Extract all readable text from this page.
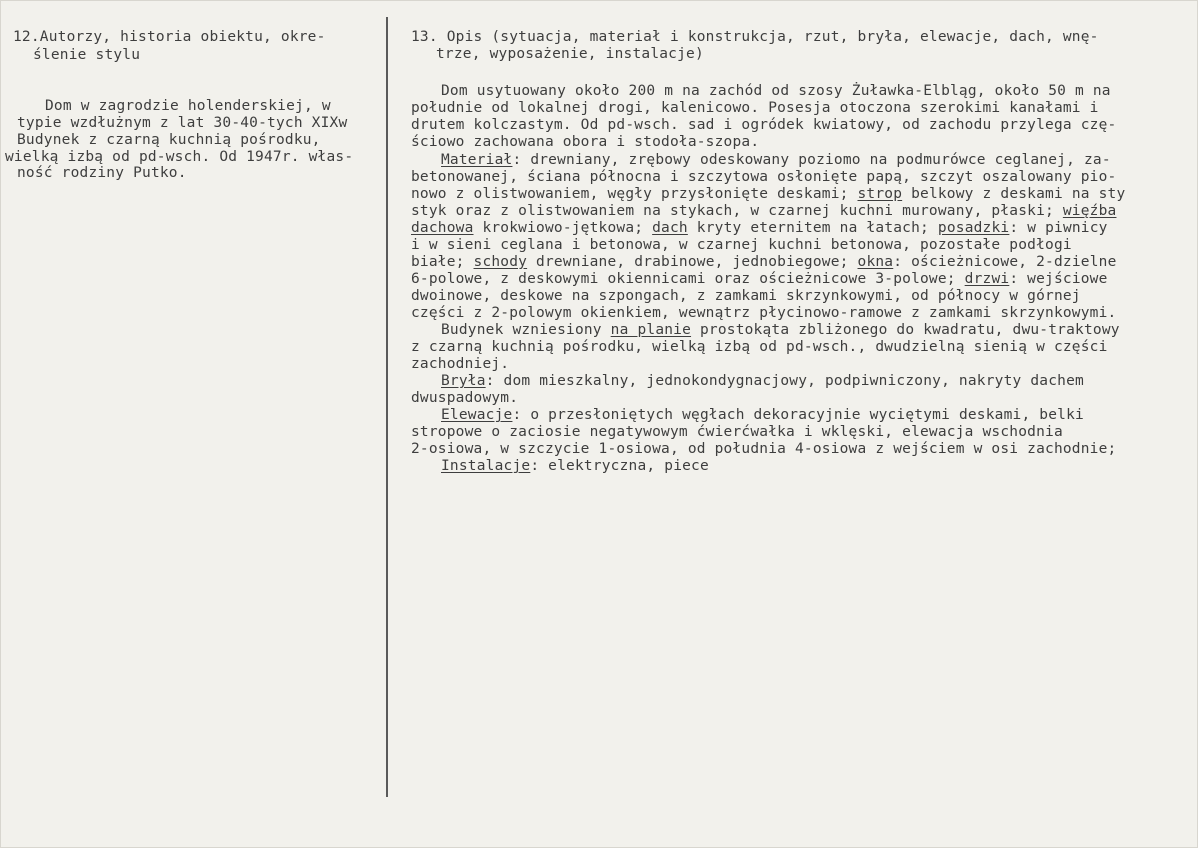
12.Autorzy, historia obiektu, okre-
ślenie stylu
Dom w zagrodzie holenderskiej, w
typie wzdłużnym z lat 30-40-tych XIXw
Budynek z czarną kuchnią pośrodku,
wielką izbą od pd-wsch. Od 1947r. włas-
ność rodziny Putko.
13. Opis (sytuacja, materiał i konstrukcja, rzut, bryła, elewacje, dach, wnę-
trze, wyposażenie, instalacje)
Dom usytuowany około 200 m na zachód od szosy Żuławka-Elbląg, około 50 m na
południe od lokalnej drogi, kalenicowo. Posesja otoczona szerokimi kanałami i
drutem kolczastym. Od pd-wsch. sad i ogródek kwiatowy, od zachodu przylega czę-
ściowo zachowana obora i stodoła-szopa.
Materiał: drewniany, zrębowy odeskowany poziomo na podmurówce ceglanej, za-
betonowanej, ściana północna i szczytowa osłonięte papą, szczyt oszalowany pio-
nowo z olistwowaniem, węgły przysłonięte deskami; strop belkowy z deskami na sty
styk oraz z olistwowaniem na stykach, w czarnej kuchni murowany, płaski; więźba
dachowa krokwiowo-jętkowa; dach kryty eternitem na łatach; posadzki: w piwnicy
i w sieni ceglana i betonowa, w czarnej kuchni betonowa, pozostałe podłogi
białe; schody drewniane, drabinowe, jednobiegowe; okna: ościeżnicowe, 2-dzielne
6-polowe, z deskowymi okiennicami oraz ościeżnicowe 3-polowe; drzwi: wejściowe
dwoinowe, deskowe na szpongach, z zamkami skrzynkowymi, od północy w górnej
części z 2-polowym okienkiem, wewnątrz płycinowo-ramowe z zamkami skrzynkowymi.
Budynek wzniesiony na planie prostokąta zbliżonego do kwadratu, dwu-traktowy
z czarną kuchnią pośrodku, wielką izbą od pd-wsch., dwudzielną sienią w części
zachodniej.
Bryła: dom mieszkalny, jednokondygnacjowy, podpiwniczony, nakryty dachem
dwuspadowym.
Elewacje: o przesłoniętych węgłach dekoracyjnie wyciętymi deskami, belki
stropowe o zaciosie negatywowym ćwierćwałka i wklęski, elewacja wschodnia
2-osiowa, w szczycie 1-osiowa, od południa 4-osiowa z wejściem w osi zachodnie;
Instalacje: elektryczna, piece
